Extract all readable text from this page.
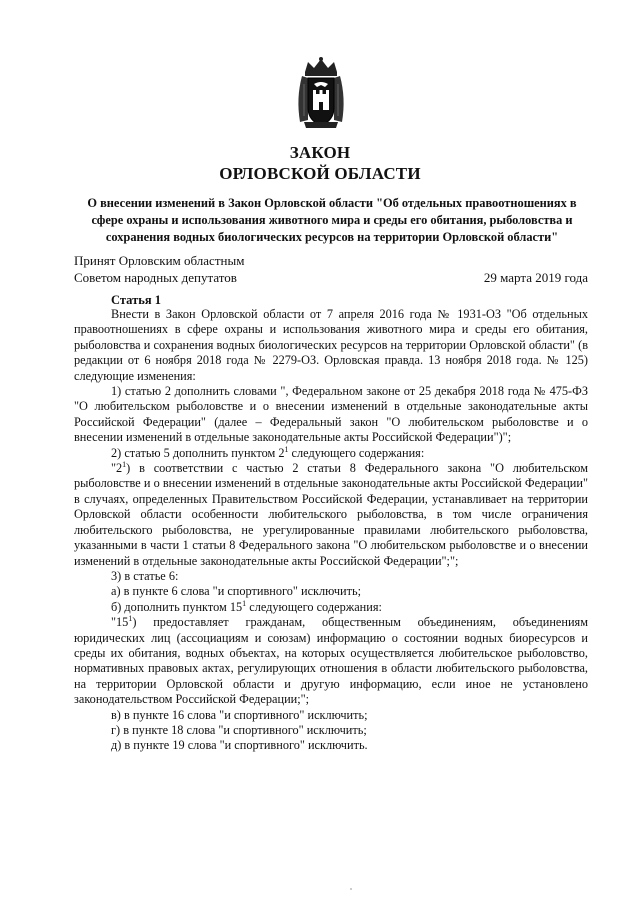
ЗАКОН
ОРЛОВСКОЙ ОБЛАСТИ
О внесении изменений в Закон Орловской области "Об отдельных правоотношениях в сфере охраны и использования животного мира и среды его обитания, рыболовства и сохранения водных биологических ресурсов на территории Орловской области"
Принят Орловским областным
Советом народных депутатов	29 марта 2019 года
Статья 1

Внести в Закон Орловской области от 7 апреля 2016 года № 1931-ОЗ "Об отдельных правоотношениях в сфере охраны и использования животного мира и среды его обитания, рыболовства и сохранения водных биологических ресурсов на территории Орловской области" (в редакции от 6 ноября 2018 года № 2279-ОЗ. Орловская правда. 13 ноября 2018 года. № 125) следующие изменения:

1) статью 2 дополнить словами ", Федеральном законе от 25 декабря 2018 года № 475-ФЗ "О любительском рыболовстве и о внесении изменений в отдельные законодательные акты Российской Федерации" (далее – Федеральный закон "О любительском рыболовстве и о внесении изменений в отдельные законодательные акты Российской Федерации")";

2) статью 5 дополнить пунктом $2^1$ следующего содержания:

"$2^1$) в соответствии с частью 2 статьи 8 Федерального закона "О любительском рыболовстве и о внесении изменений в отдельные законодательные акты Российской Федерации" в случаях, определенных Правительством Российской Федерации, устанавливает на территории Орловской области особенности любительского рыболовства, в том числе ограничения любительского рыболовства, не урегулированные правилами любительского рыболовства, указанными в части 1 статьи 8 Федерального закона "О любительском рыболовстве и о внесении изменений в отдельные законодательные акты Российской Федерации";";

3) в статье 6:

а) в пункте 6 слова "и спортивного" исключить;

б) дополнить пунктом $15^1$ следующего содержания:

"$15^1$) предоставляет гражданам, общественным объединениям, объединениям юридических лиц (ассоциациям и союзам) информацию о состоянии водных биоресурсов и среды их обитания, водных объектах, на которых осуществляется любительское рыболовство, нормативных правовых актах, регулирующих отношения в области любительского рыболовства, на территории Орловской области и другую информацию, если иное не установлено законодательством Российской Федерации;";

в) в пункте 16 слова "и спортивного" исключить;

г) в пункте 18 слова "и спортивного" исключить;

д) в пункте 19 слова "и спортивного" исключить.
